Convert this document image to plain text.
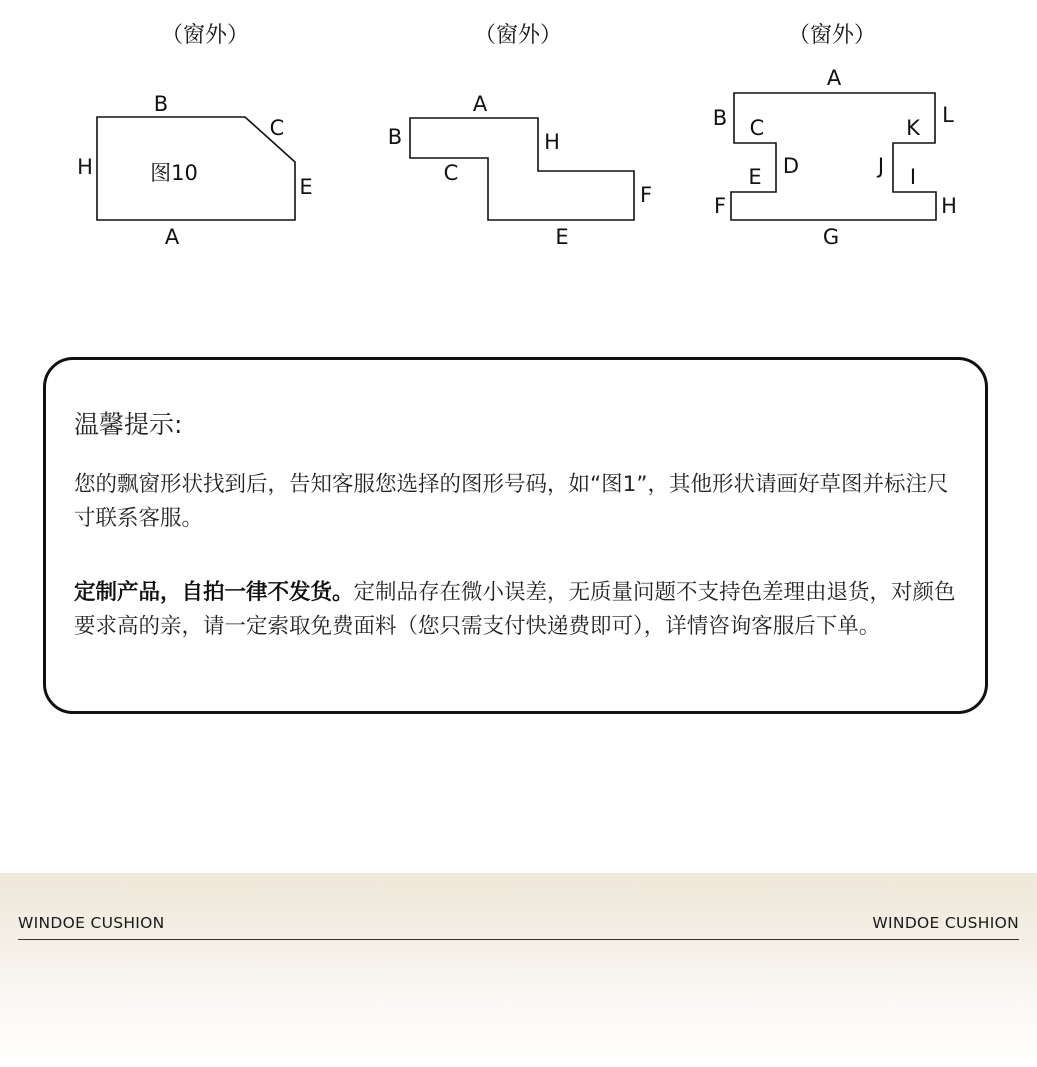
（窗外）	（窗外）	（窗外）
B
C
H
E
A
图10
A
B	H
C
F
E
A
B C	K
L
D
E	J I
F	H
G
温馨提示:

您的飘窗形状找到后，告知客服您选择的图形号码，如“图1”，其他形状请画好草图并标注尺寸联系客服。

定制产品，自拍一律不发货。定制品存在微小误差，无质量问题不支持色差理由退货，对颜色要求高的亲，请一定索取免费面料（您只需支付快递费即可），详情咨询客服后下单。

WINDOE CUSHION	WINDOE CUSHION
